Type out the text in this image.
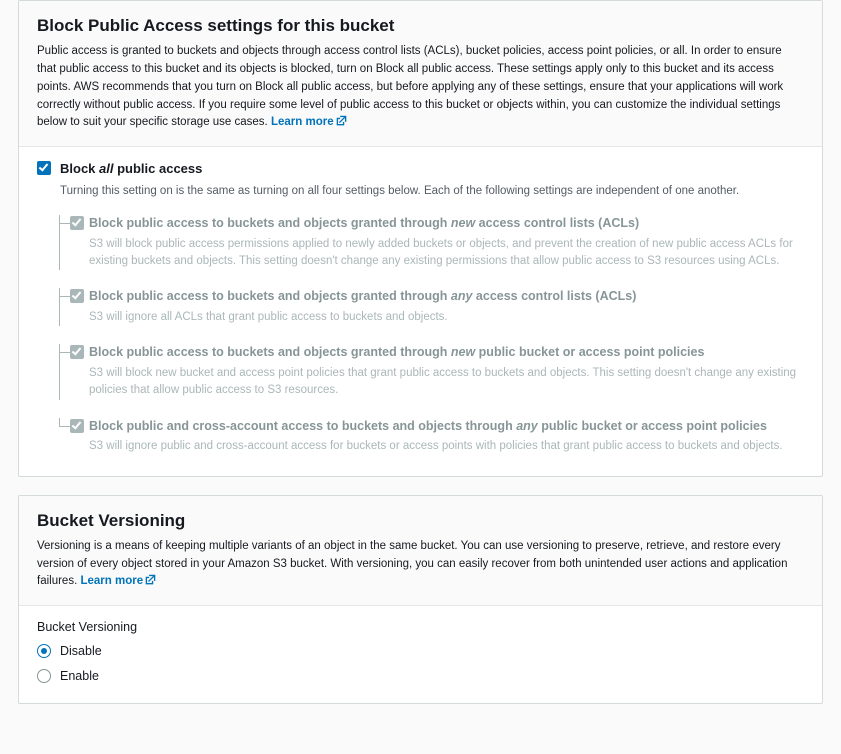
Block Public Access settings for this bucket

Public access is granted to buckets and objects through access control lists (ACLs), bucket policies, access point policies, or all. In order to ensure that public access to this bucket and its objects is blocked, turn on Block all public access. These settings apply only to this bucket and its access points. AWS recommends that you turn on Block all public access, but before applying any of these settings, ensure that your applications will work correctly without public access. If you require some level of public access to this bucket or objects within, you can customize the individual settings below to suit your specific storage use cases. Learn more

Block all public access

Turning this setting on is the same as turning on all four settings below. Each of the following settings are independent of one another.

Block public access to buckets and objects granted through new access control lists (ACLs)

S3 will block public access permissions applied to newly added buckets or objects, and prevent the creation of new public access ACLs for existing buckets and objects. This setting doesn't change any existing permissions that allow public access to S3 resources using ACLs.

Block public access to buckets and objects granted through any access control lists (ACLs)

S3 will ignore all ACLs that grant public access to buckets and objects.

Block public access to buckets and objects granted through new public bucket or access point policies

S3 will block new bucket and access point policies that grant public access to buckets and objects. This setting doesn't change any existing policies that allow public access to S3 resources.

Block public and cross-account access to buckets and objects through any public bucket or access point policies

S3 will ignore public and cross-account access for buckets or access points with policies that grant public access to buckets and objects.

Bucket Versioning

Versioning is a means of keeping multiple variants of an object in the same bucket. You can use versioning to preserve, retrieve, and restore every version of every object stored in your Amazon S3 bucket. With versioning, you can easily recover from both unintended user actions and application failures. Learn more

Bucket Versioning

Disable
Enable
